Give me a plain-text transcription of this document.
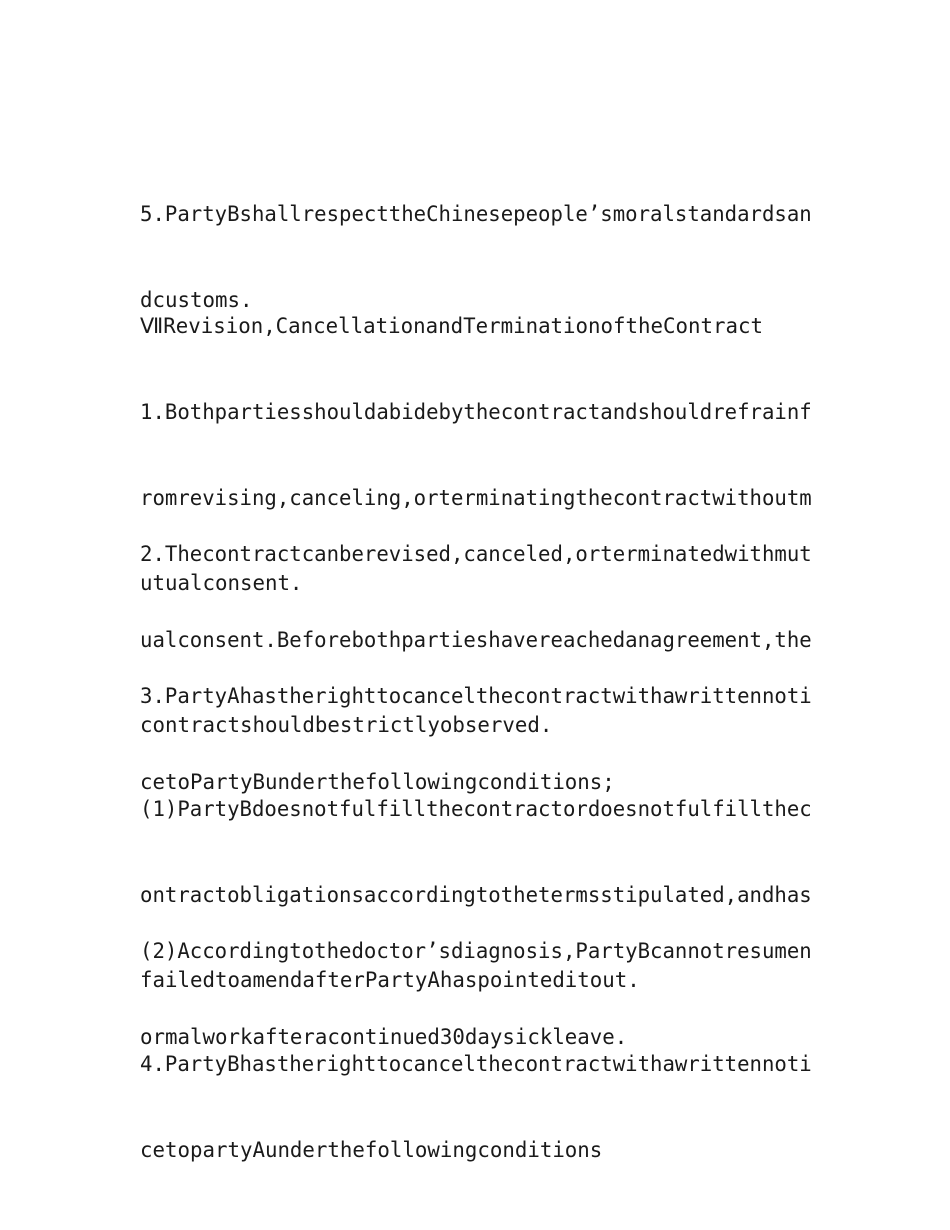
5.PartyBshallrespecttheChinesepeople’smoralstandardsan

dcustoms.

ⅦRevision,CancellationandTerminationoftheContract

1.Bothpartiesshouldabidebythecontractandshouldrefrainf

romrevising,canceling,orterminatingthecontractwithoutm

utualconsent.

2.Thecontractcanberevised,canceled,orterminatedwithmut

ualconsent.Beforebothpartieshavereachedanagreement,the

contractshouldbestrictlyobserved.

3.PartyAhastherighttocancelthecontractwithawrittennoti

cetoPartyBunderthefollowingconditions;

(1)PartyBdoesnotfulfillthecontractordoesnotfulfillthec

ontractobligationsaccordingtothetermsstipulated,andhas

failedtoamendafterPartyAhaspointeditout.

(2)Accordingtothedoctor’sdiagnosis,PartyBcannotresumen

ormalworkafteracontinued30daysickleave.

4.PartyBhastherighttocancelthecontractwithawrittennoti

cetopartyAunderthefollowingconditions
